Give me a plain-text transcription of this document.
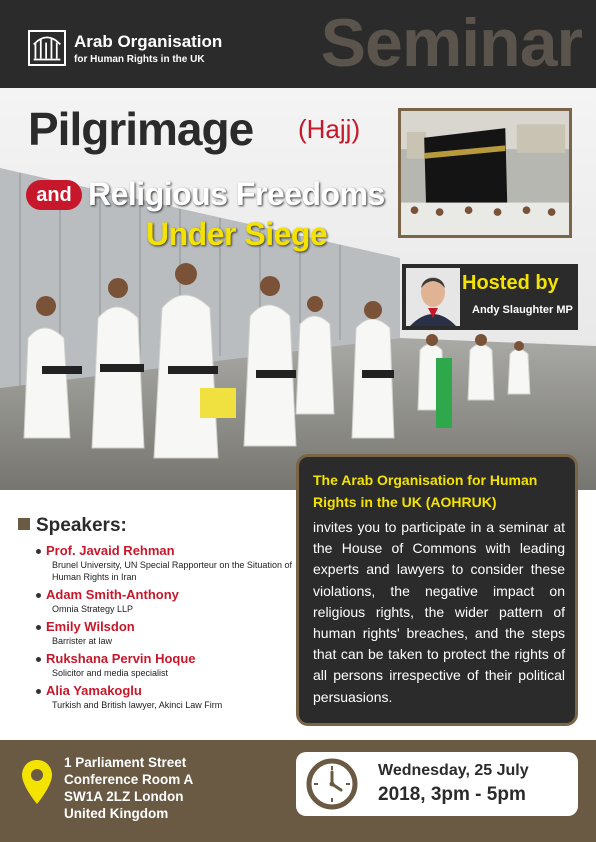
Arab Organisation
for Human Rights in the UK Seminar
Pilgrimage (Hajj)
and Religious Freedoms
Under Siege
Hosted by
Andy Slaughter MP
The Arab Organisation for Human Rights in the UK (AOHRUK)
invites you to participate in a seminar at the House of Commons with leading experts and lawyers to consider these violations, the negative impact on religious rights, the wider pattern of human rights' breaches, and the steps that can be taken to protect the rights of all persons irrespective of their political persuasions.
Speakers:
Prof. Javaid Rehman
Brunel University, UN Special Rapporteur on the Situation of Human Rights in Iran
Adam Smith-Anthony
Omnia Strategy LLP
Emily Wilsdon
Barrister at law
Rukshana Pervin Hoque
Solicitor and media specialist
Alia Yamakoglu
Turkish and British lawyer, Akinci Law Firm
1 Parliament Street
Conference Room A
SW1A 2LZ London
United Kingdom
Wednesday, 25 July
2018, 3pm - 5pm
